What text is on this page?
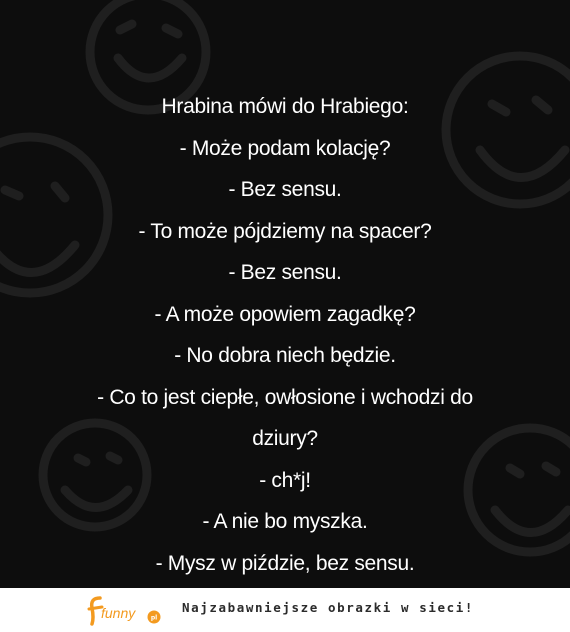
Hrabina mówi do Hrabiego:
- Może podam kolację?
- Bez sensu.
- To może pójdziemy na spacer?
- Bez sensu.
- A może opowiem zagadkę?
- No dobra niech będzie.
- Co to jest ciepłe, owłosione i wchodzi do
dziury?
- ch*j!
- A nie bo myszka.
- Mysz w piździe, bez sensu.
funny	pl
Najzabawniejsze obrazki w sieci!
